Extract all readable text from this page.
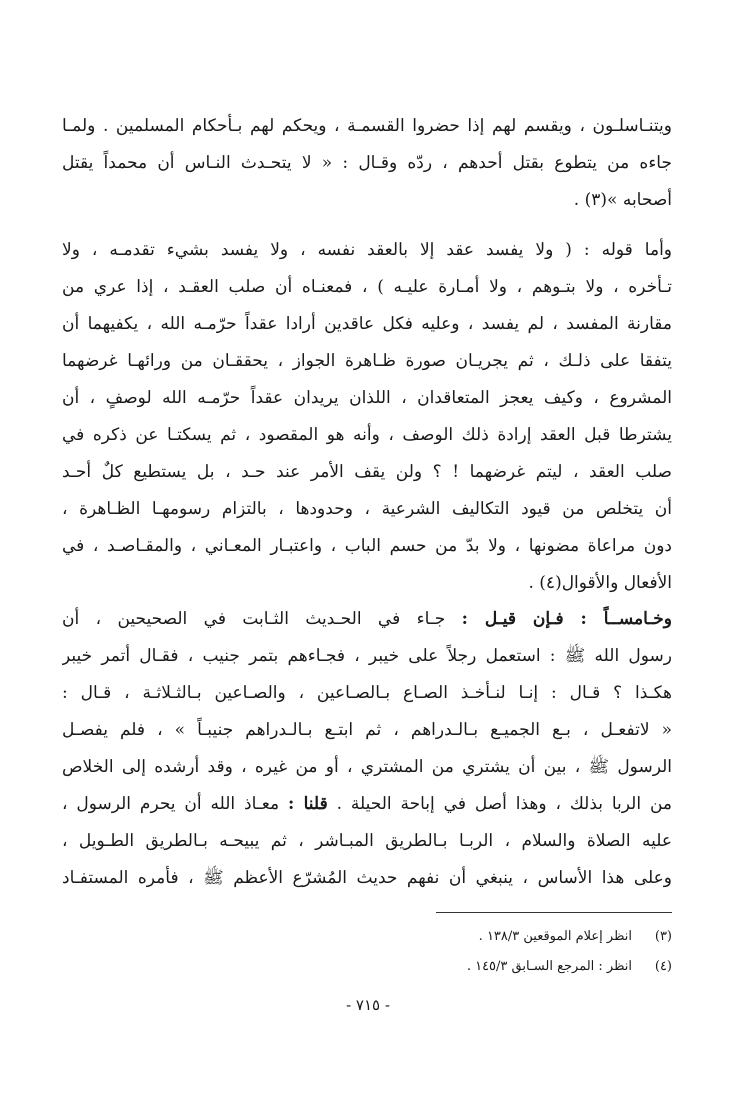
ويتنـاسلـون ، ويقسم لهم إذا حضروا القسمـة ، ويحكم لهم بـأحكام المسلمين . ولمـا
جاءه من يتطوع بقتل أحدهم ، ردّه وقـال : « لا يتحـدث النـاس أن محمداً يقتل
أصحابه »(٣) .
وأما قوله : ( ولا يفسد عقد إلا بالعقد نفسه ، ولا يفسد بشيء تقدمـه ، ولا
تـأخره ، ولا بتـوهم ، ولا أمـارة عليـه ) ، فمعنـاه أن صلب العقـد ، إذا عري من
مقارنة المفسد ، لم يفسد ، وعليه فكل عاقدين أرادا عقداً حرّمـه الله ، يكفيهما أن
يتفقا على ذلـك ، ثم يجريـان صورة ظـاهرة الجواز ، يحققـان من ورائهـا غرضهما
المشروع ، وكيف يعجز المتعاقدان ، اللذان يريدان عقداً حرّمـه الله لوصفٍ ، أن
يشترطا قبل العقد إرادة ذلك الوصف ، وأنه هو المقصود ، ثم يسكتـا عن ذكره في
صلب العقد ، ليتم غرضهما ! ؟ ولن يقف الأمر عند حـد ، بل يستطيع كلٌ أحـد
أن يتخلص من قيود التكاليف الشرعية ، وحدودها ، بالتزام رسومهـا الظـاهرة ،
دون مراعاة مضونها ، ولا بدّ من حسم الباب ، واعتبـار المعـاني ، والمقـاصـد ، في
الأفعال والأقوال(٤) .
وخـامســاً : فـإن قيـل : جـاء في الحـديث الثـابت في الصحيحين ، أن
رسول الله ﷺ : استعمل رجلاً على خيبر ، فجـاءهم بتمر جنيب ، فقـال أتمر خيبر
هكـذا ؟ قـال : إنـا لنـأخـذ الصـاع بـالصـاعين ، والصـاعين بـالثـلاثـة ، قـال :
« لاتفعـل ، بـع الجميـع بـالـدراهم ، ثم ابتـع بـالـدراهم جنيبـاً » ، فلم يفصـل
الرسول ﷺ ، بين أن يشتري من المشتري ، أو من غيره ، وقد أرشده إلى الخلاص
من الربا بذلك ، وهذا أصل في إباحة الحيلة . قلنا : معـاذ الله أن يحرم الرسول ،
عليه الصلاة والسلام ، الربـا بـالطريق المبـاشر ، ثم يبيحـه بـالطريق الطـويل ،
وعلى هذا الأساس ، ينبغي أن نفهم حديث المُشرّع الأعظم ﷺ ، فأمره المستفـاد
(٣)انظر إعلام الموقعين ١٣٨/٣ .
(٤)انظر : المرجع السـابق ١٤٥/٣ .
- ٧١٥ -
